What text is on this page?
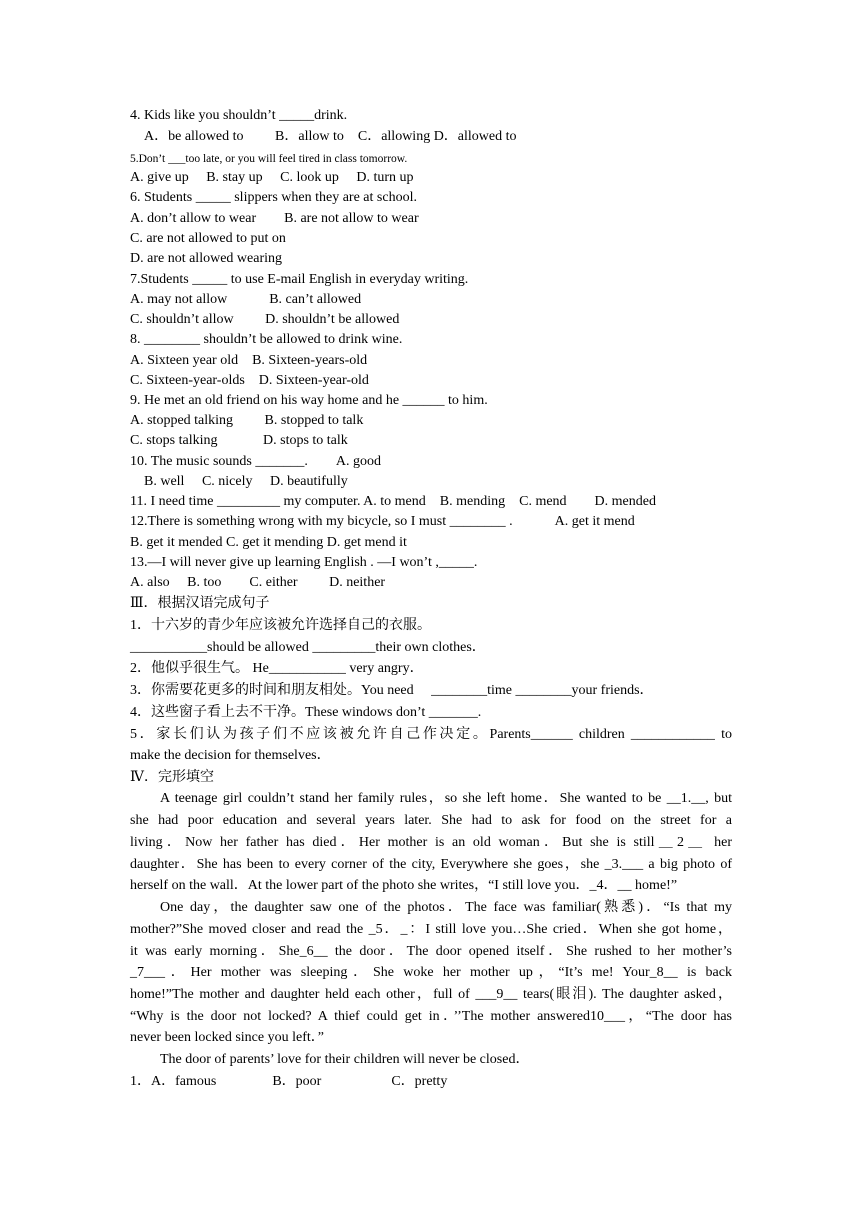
4. Kids like you shouldn’t _____drink.
　A．be allowed to　　 B．allow to　C．allowing D．allowed to
5.Don’t ___too late, or you will feel tired in class tomorrow.
A. give up　 B. stay up　 C. look up　 D. turn up
6. Students _____ slippers when they are at school.
A. don’t allow to wear　　B. are not allow to wear
C. are not allowed to put on
D. are not allowed wearing
7.Students _____ to use E-mail English in everyday writing.
A. may not allow　　　B. can’t allowed
C. shouldn’t allow　　 D. shouldn’t be allowed
8. ________ shouldn’t be allowed to drink wine.
A. Sixteen year old　B. Sixteen-years-old
C. Sixteen-year-olds　D. Sixteen-year-old
9. He met an old friend on his way home and he ______ to him.
A. stopped talking　　 B. stopped to talk
C. stops talking　　　 D. stops to talk
10. The music sounds _______.　　A. good
　B. well　 C. nicely　 D. beautifully
11. I need time _________ my computer. A. to mend　B. mending　C. mend　　D. mended
12.There is something wrong with my bicycle, so I must ________ .　　　A. get it mend
B. get it mended C. get it mending D. get mend it
13.—I will never give up learning English . —I won’t ,_____.
A. also　 B. too　　C. either　　 D. neither
Ⅲ．根据汉语完成句子
1．十六岁的青少年应该被允许选择自己的衣服。
___________should be allowed _________their own clothes．
2．他似乎很生气。 He___________ very angry．
3．你需要花更多的时间和朋友相处。You need　 ________time ________your friends．
4．这些窗子看上去不干净。These windows don’t _______.
5．家长们认为孩子们不应该被允许自己作决定。Parents______ children ____________ to
make the decision for themselves．
Ⅳ．完形填空
A teenage girl couldn’t stand her family rules，so she left home．She wanted to be __1.__, but
she had poor education and several years later. She had to ask for food on the street for a
living．Now her father has died．Her mother is an old woman．But she is still＿2＿ her
daughter．She has been to every corner of the city, Everywhere she goes，she _3.___ a big photo of
herself on the wall．At the lower part of the photo she writes，“I still love you．_4．__ home!”
One day，the daughter saw one of the photos．The face was familiar(熟悉)．“Is that my
mother?”She moved closer and read the _5．_：I still love you…She cried．When she got home，
it was early morning．She_6__ the door．The door opened itself．She rushed to her mother’s
_7___．Her mother was sleeping．She woke her mother up，“It’s me! Your_8__ is back
home!”The mother and daughter held each other，full of ___9__ tears(眼泪). The daughter asked，
“Why is the door not locked? A thief could get in．’’The mother answered10___，“The door has
never been locked since you left．”
The door of parents’ love for their children will never be closed．
1．A．famous　　　　B．poor　　　　　C．pretty
